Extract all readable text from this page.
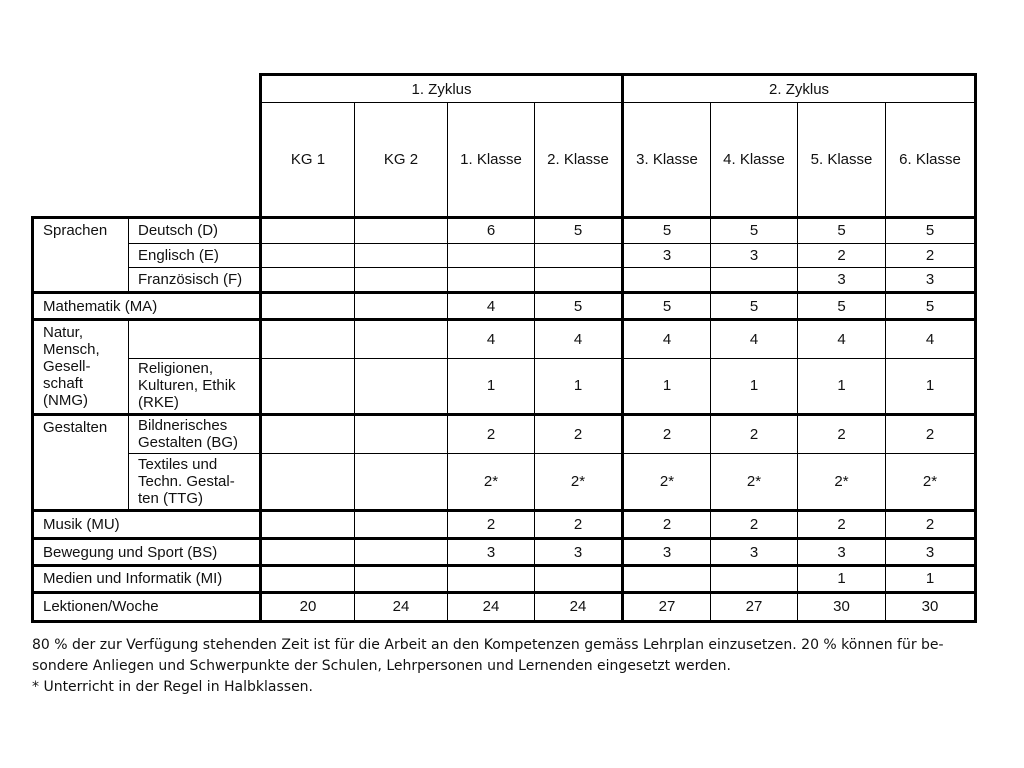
		1. Zyklus				2. Zyklus			
		KG 1	KG 2	1. Klasse	2. Klasse	3. Klasse	4. Klasse	5. Klasse	6. Klasse
Sprachen	Deutsch (D)			6	5	5	5	5	5
	Englisch (E)					3	3	2	2
	Französisch (F)							3	3
Mathematik (MA)				4	5	5	5	5	5
Natur,
Mensch,
Gesell-
schaft
(NMG)				4	4	4	4	4	4
	Religionen,
Kulturen, Ethik
(RKE)			1	1	1	1	1	1
Gestalten	Bildnerisches
Gestalten (BG)			2	2	2	2	2	2
	Textiles und
Techn. Gestal-
ten (TTG)			2*	2*	2*	2*	2*	2*
Musik (MU)				2	2	2	2	2	2
Bewegung und Sport (BS)				3	3	3	3	3	3
Medien und Informatik (MI)								1	1
Lektionen/Woche		20	24	24	24	27	27	30	30

80 % der zur Verfügung stehenden Zeit ist für die Arbeit an den Kompetenzen gemäss Lehrplan einzusetzen. 20 % können für be-

sondere Anliegen und Schwerpunkte der Schulen, Lehrpersonen und Lernenden eingesetzt werden.

* Unterricht in der Regel in Halbklassen.
